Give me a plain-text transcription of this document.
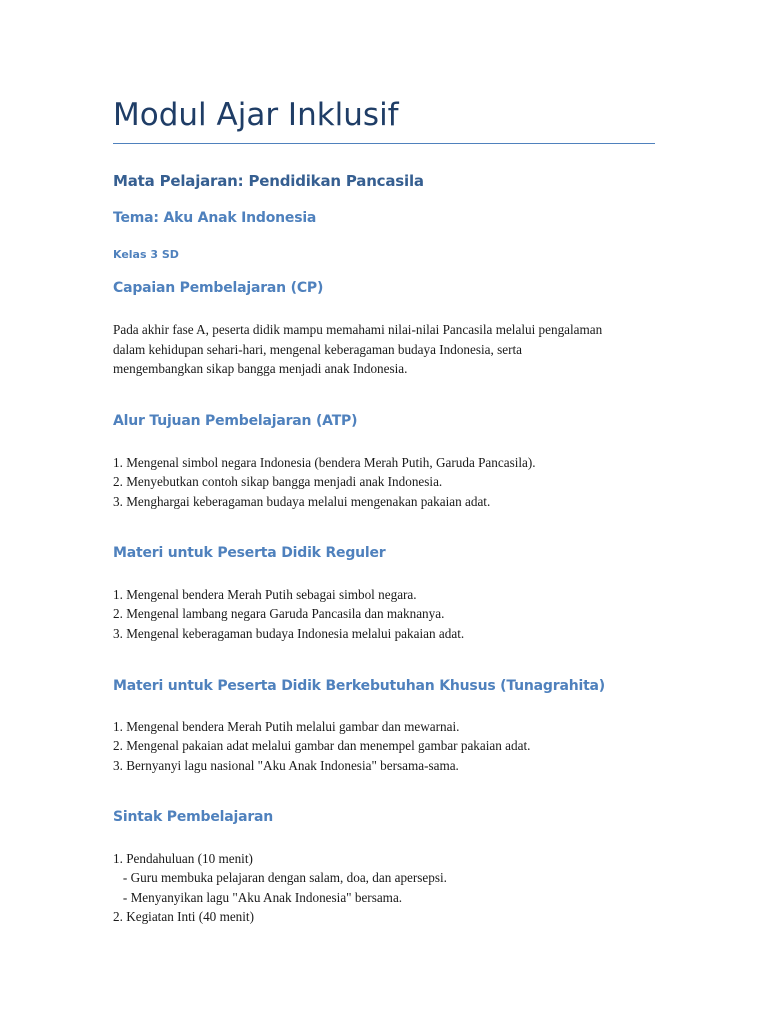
Modul Ajar Inklusif
Mata Pelajaran: Pendidikan Pancasila
Tema: Aku Anak Indonesia
Kelas 3 SD
Capaian Pembelajaran (CP)

Pada akhir fase A, peserta didik mampu memahami nilai-nilai Pancasila melalui pengalaman

dalam kehidupan sehari-hari, mengenal keberagaman budaya Indonesia, serta

mengembangkan sikap bangga menjadi anak Indonesia.

Alur Tujuan Pembelajaran (ATP)
1. Mengenal simbol negara Indonesia (bendera Merah Putih, Garuda Pancasila).
2. Menyebutkan contoh sikap bangga menjadi anak Indonesia.
3. Menghargai keberagaman budaya melalui mengenakan pakaian adat.
Materi untuk Peserta Didik Reguler
1. Mengenal bendera Merah Putih sebagai simbol negara.
2. Mengenal lambang negara Garuda Pancasila dan maknanya.
3. Mengenal keberagaman budaya Indonesia melalui pakaian adat.
Materi untuk Peserta Didik Berkebutuhan Khusus (Tunagrahita)
1. Mengenal bendera Merah Putih melalui gambar dan mewarnai.
2. Mengenal pakaian adat melalui gambar dan menempel gambar pakaian adat.
3. Bernyanyi lagu nasional "Aku Anak Indonesia" bersama-sama.
Sintak Pembelajaran
1. Pendahuluan (10 menit)
- Guru membuka pelajaran dengan salam, doa, dan apersepsi.
- Menyanyikan lagu "Aku Anak Indonesia" bersama.
2. Kegiatan Inti (40 menit)
